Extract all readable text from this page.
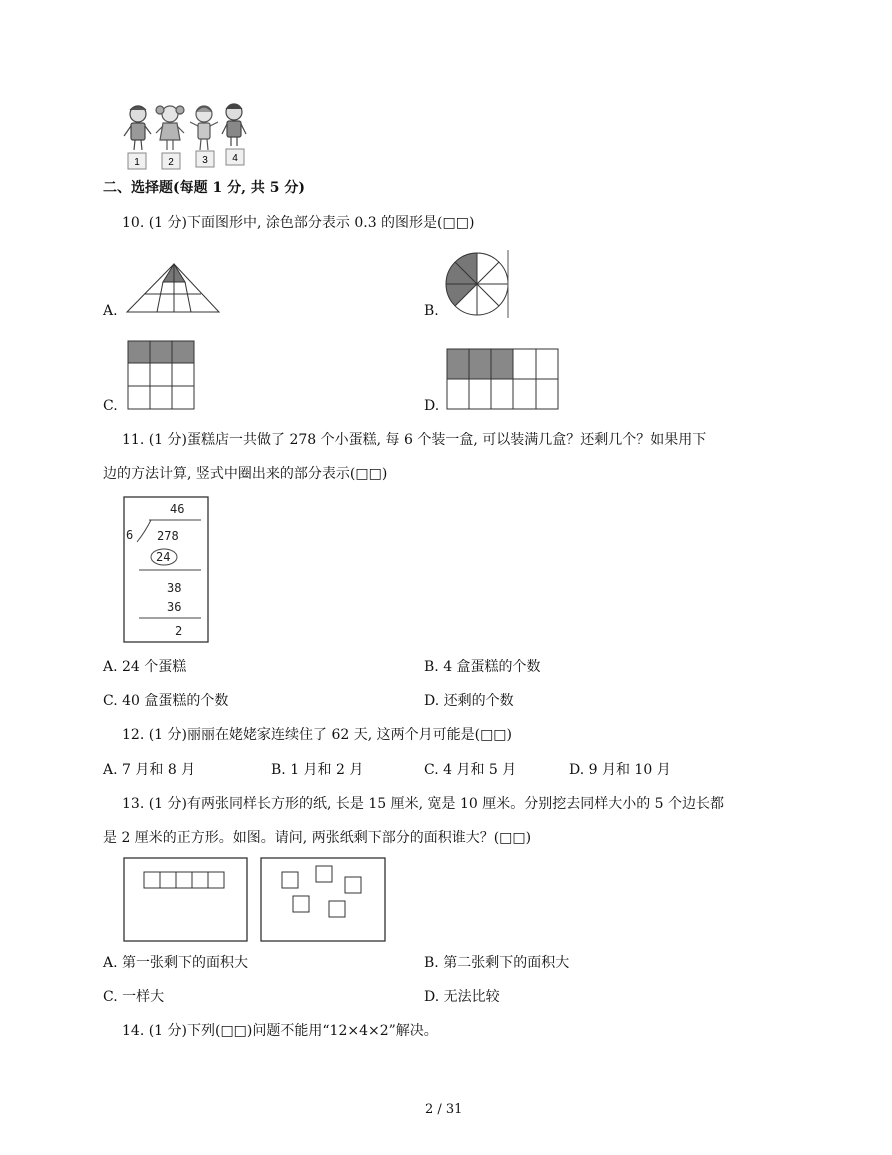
1	2	3 4
二、选择题(每题 1 分, 共 5 分)
10. (1 分)下面图形中, 涂色部分表示 0.3 的图形是(□□)
A.	B.
C.	D.
11. (1 分)蛋糕店一共做了 278 个小蛋糕, 每 6 个装一盒, 可以装满几盒？还剩几个？如果用下
边的方法计算, 竖式中圈出来的部分表示(□□)
46
6 278
24
38
36
2
A. 24 个蛋糕	B. 4 盒蛋糕的个数
C. 40 盒蛋糕的个数	D. 还剩的个数
12. (1 分)丽丽在姥姥家连续住了 62 天, 这两个月可能是(□□)
A. 7 月和 8 月	B. 1 月和 2 月	C. 4 月和 5 月	D. 9 月和 10 月
13. (1 分)有两张同样长方形的纸, 长是 15 厘米, 宽是 10 厘米。分别挖去同样大小的 5 个边长都
是 2 厘米的正方形。如图。请问, 两张纸剩下部分的面积谁大？(□□)
A. 第一张剩下的面积大	B. 第二张剩下的面积大
C. 一样大	D. 无法比较
14. (1 分)下列(□□)问题不能用“12×4×2”解决。
2 / 31
